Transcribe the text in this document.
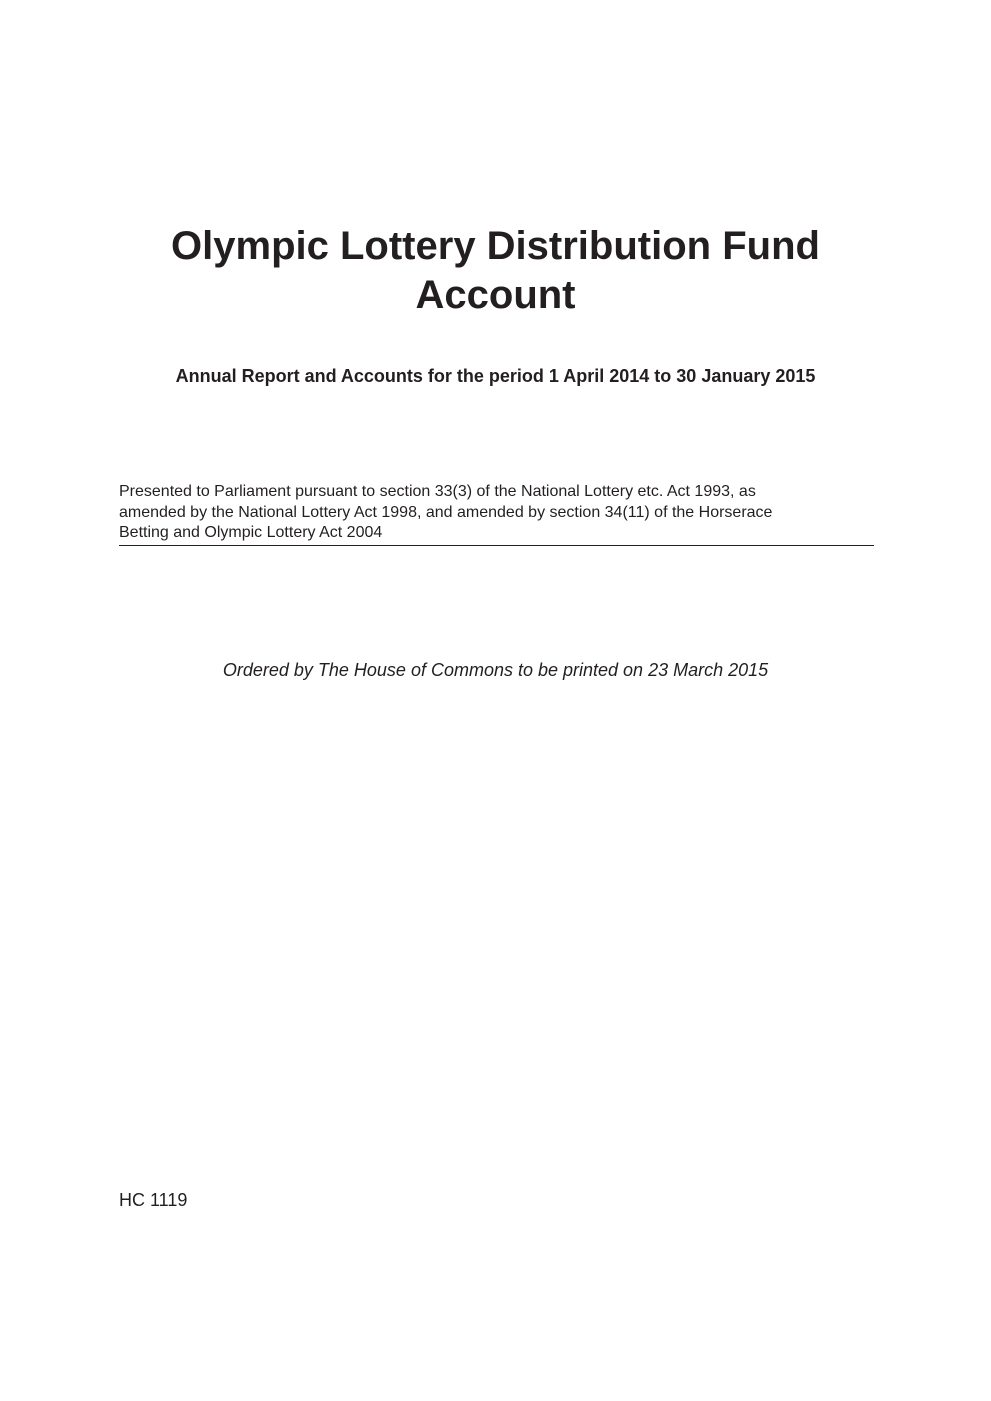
Olympic Lottery Distribution Fund
Account
Annual Report and Accounts for the period 1 April 2014 to 30 January 2015
Presented to Parliament pursuant to section 33(3) of the National Lottery etc. Act 1993, as
amended by the National Lottery Act 1998, and amended by section 34(11) of the Horserace
Betting and Olympic Lottery Act 2004
Ordered by The House of Commons to be printed on 23 March 2015
HC 1119
